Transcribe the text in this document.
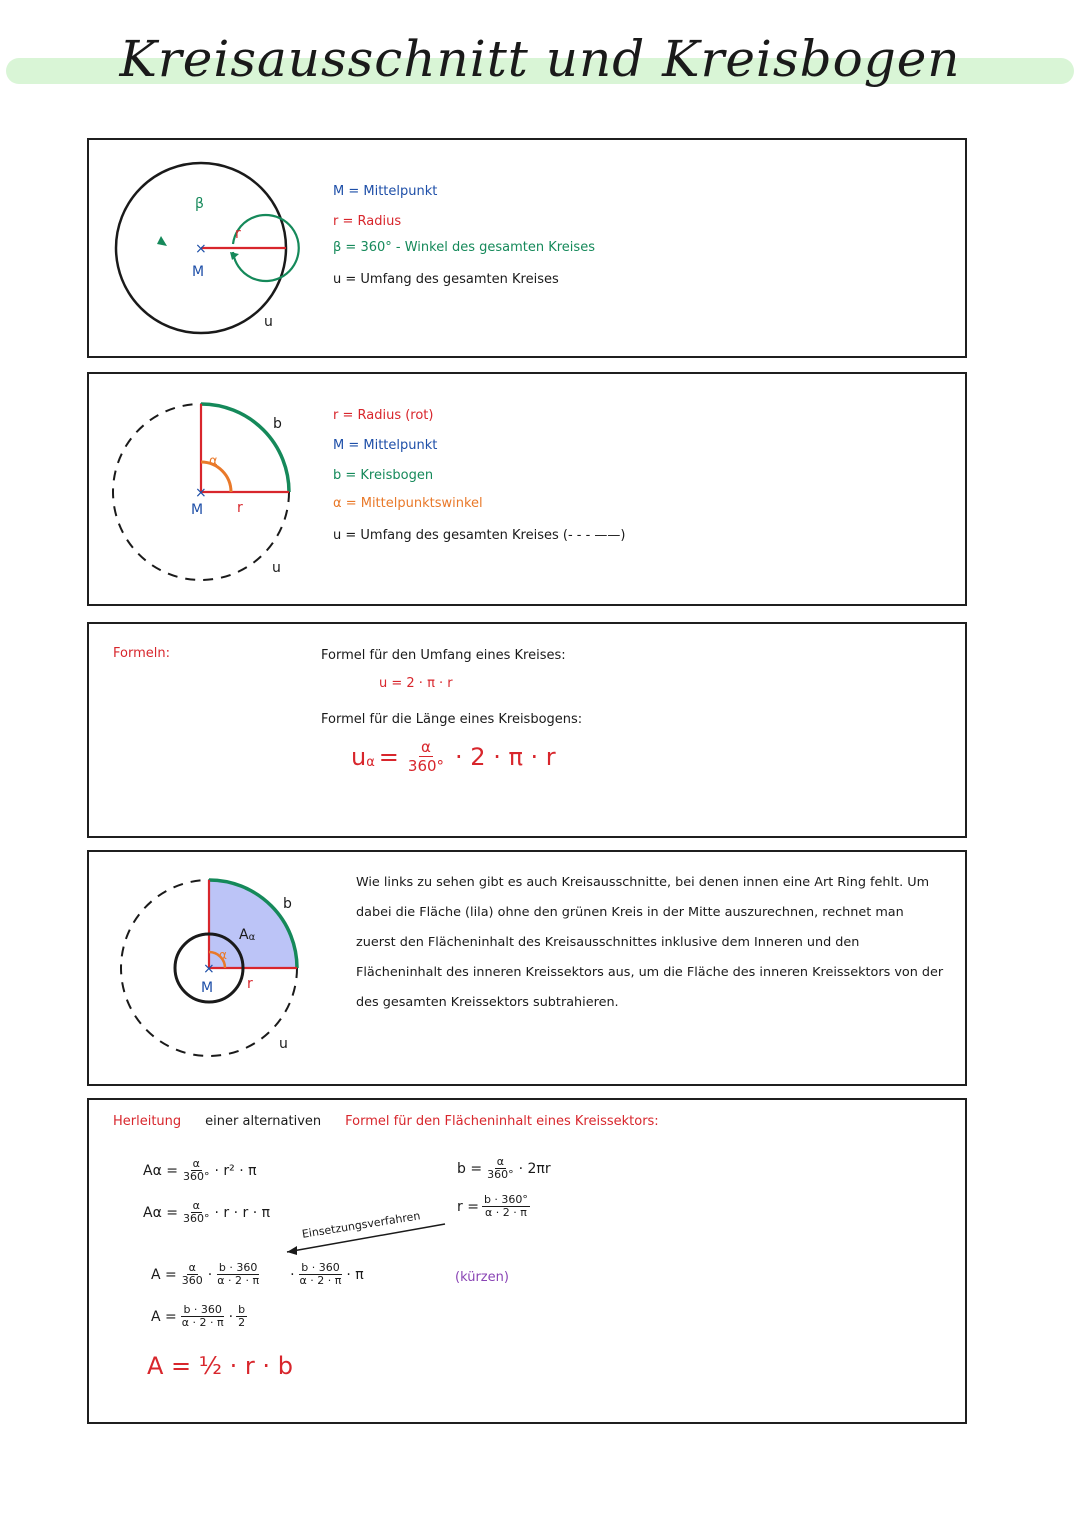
Kreisausschnitt und Kreisbogen
×
β
r
M
u
M = Mittelpunkt
r = Radius
β = 360° - Winkel des gesamten Kreises
u = Umfang des gesamten Kreises
×
b
α
M r
u
r = Radius (rot)
M = Mittelpunkt
b = Kreisbogen
α = Mittelpunktswinkel
u = Umfang des gesamten Kreises (- - - ——)
Formeln:	Formel für den Umfang eines Kreises:
u = 2 · π · r
Formel für die Länge eines Kreisbogens:
u $\alpha = \frac{\alpha}{360^\circ} \cdot 2 \cdot \pi \cdot r$
×
b
A α
α
M r
u
Wie links zu sehen gibt es auch Kreisausschnitte, bei denen innen eine Art Ring fehlt. Um dabei die Fläche (lila) ohne den grünen Kreis in der Mitte auszurechnen, rechnet man zuerst den Flächeninhalt des Kreisausschnittes inklusive dem Inneren und den Flächeninhalt des inneren Kreissektors aus, um die Fläche des inneren Kreissektors von der des gesamten Kreissektors subtrahieren.
Herleitung einer alternativen Formel für den Flächeninhalt eines Kreissektors:
$A\alpha = \frac{\alpha}{360^\circ} \cdot r^2 \cdot \pi$
$A\alpha = \frac{\alpha}{360^\circ} \cdot r \cdot r \cdot \pi$
$A = \frac{\alpha}{360} \cdot \frac{b \cdot 360}{\alpha \cdot 2 \cdot \pi} \cdot \frac{b \cdot 360}{\alpha \cdot 2 \cdot \pi} \cdot \pi$
$A = \frac{b \cdot 360}{\alpha \cdot 2 \cdot \pi} \cdot \frac{b}{2}$
A = ½ · r · b
$b = \frac{\alpha}{360^\circ} \cdot 2\pi r$
$r = \frac{b \cdot 360^\circ}{\alpha \cdot 2 \cdot \pi}$
Einsetzungsverfahren
(kürzen)
